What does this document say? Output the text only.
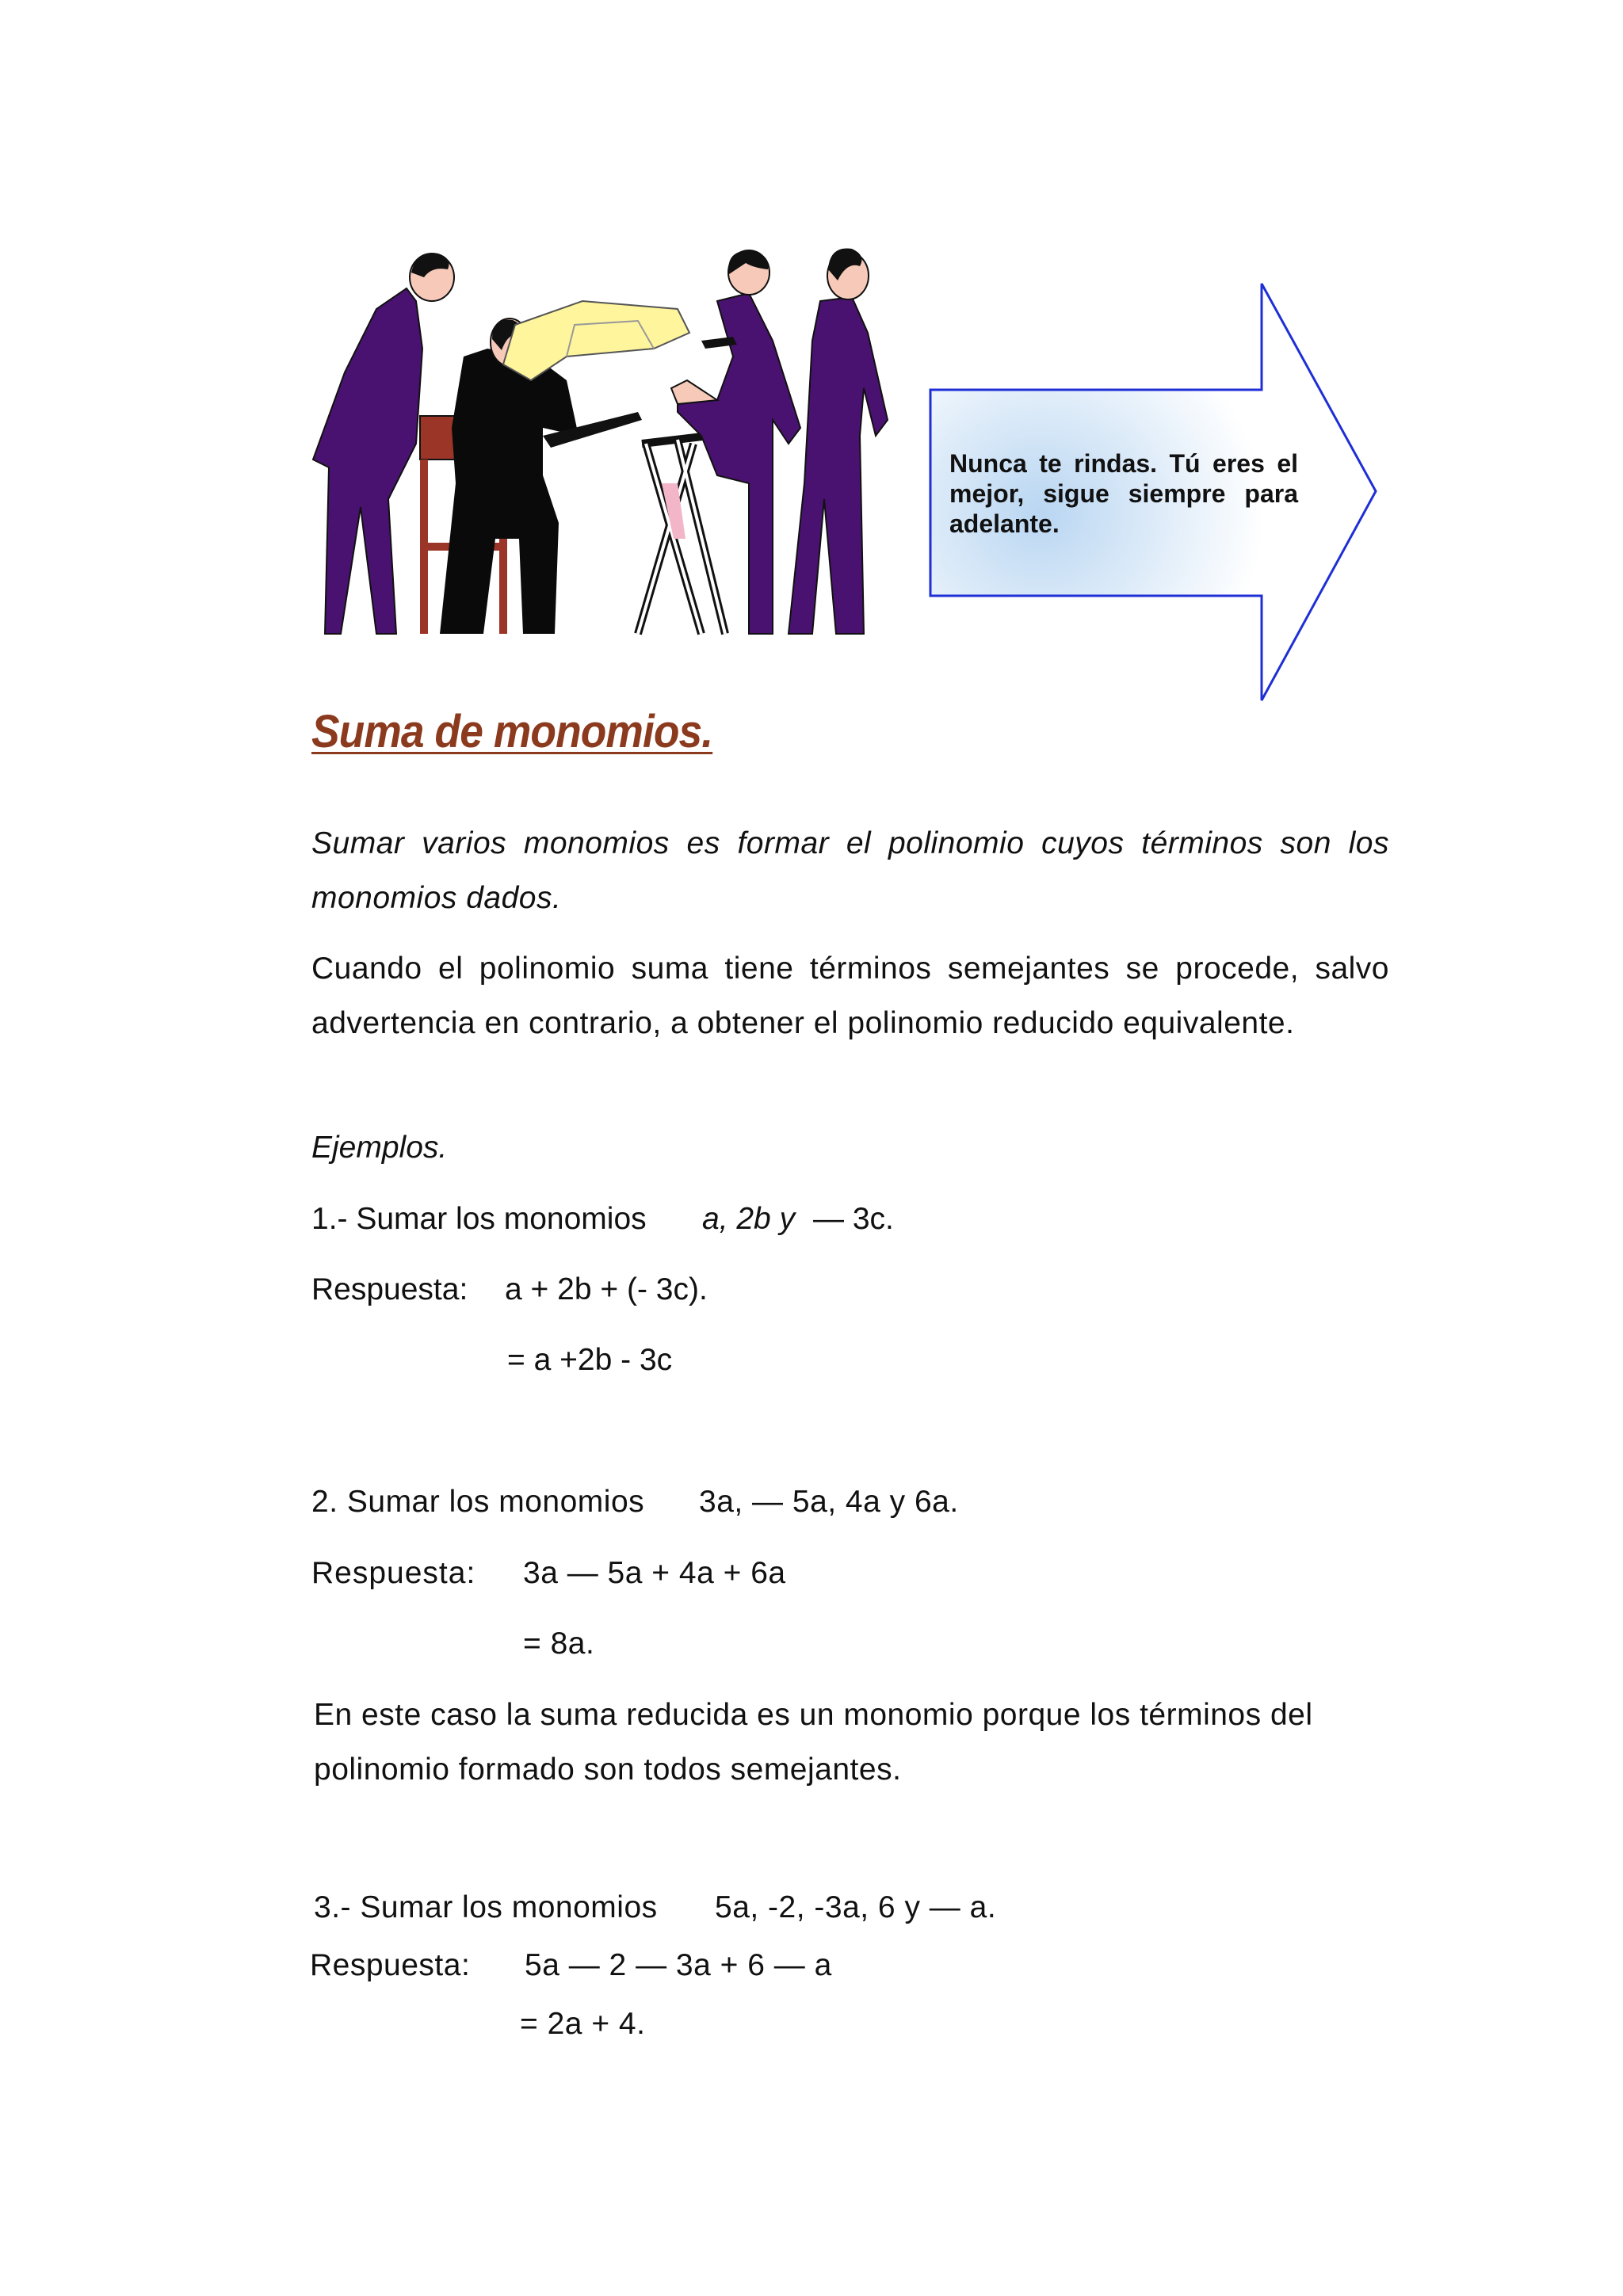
Nunca te rindas. Tú eres el mejor, sigue siempre para adelante.
Suma de monomios.
Sumar varios monomios es formar el polinomio cuyos términos son los monomios dados.
Cuando el polinomio suma tiene términos semejantes se procede, salvo advertencia en contrario, a obtener el polinomio reducido equivalente.
Ejemplos.
1.- Sumar los monomios a, 2b y — 3c.
Respuesta: a + 2b + (- 3c).
= a +2b - 3c
2. Sumar los monomios 3a, — 5a, 4a y 6a.
Respuesta: 3a — 5a + 4a + 6a
= 8a.
En este caso la suma reducida es un monomio porque los términos del polinomio formado son todos semejantes.
3.- Sumar los monomios 5a, -2, -3a, 6 y — a.
Respuesta: 5a — 2 — 3a + 6 — a
= 2a + 4.
